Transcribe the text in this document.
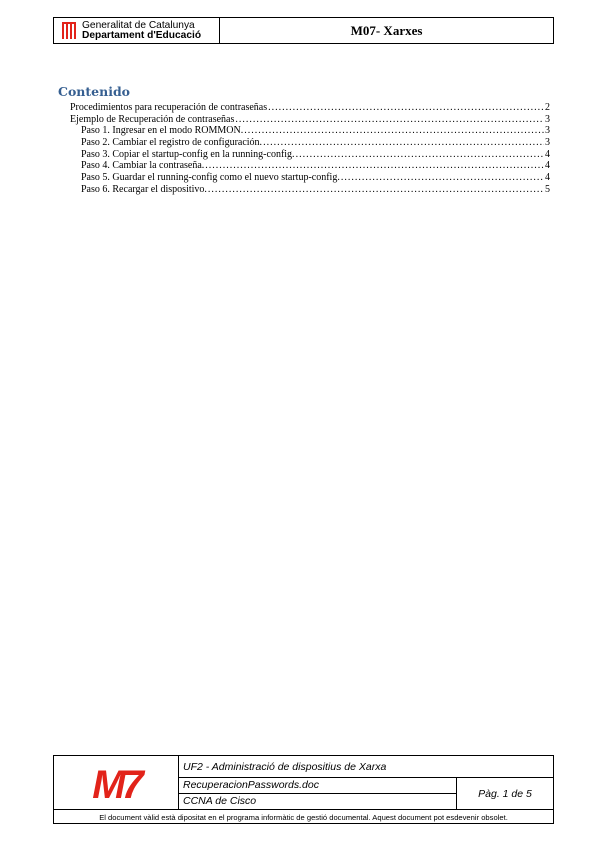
Generalitat de Catalunya
Departament d'Educació	M07- Xarxes
Contenido
Procedimientos para recuperación de contraseñas .....	2
Ejemplo de Recuperación de contraseñas .....	3
Paso 1. Ingresar en el modo ROMMON. .....	3
Paso 2. Cambiar el registro de configuración. .....	3
Paso 3. Copiar el startup-config en la running-config. .....	4
Paso 4. Cambiar la contraseña. .....	4
Paso 5. Guardar el running-config como el nuevo startup-config. .....	4
Paso 6. Recargar el dispositivo. .....	5
M7	UF2 - Administració de dispositius de Xarxa
RecuperacionPasswords.doc
CCNA de Cisco
Pàg. 1 de 5
El document vàlid està dipositat en el programa informàtic de gestió documental. Aquest document pot esdevenir obsolet.
